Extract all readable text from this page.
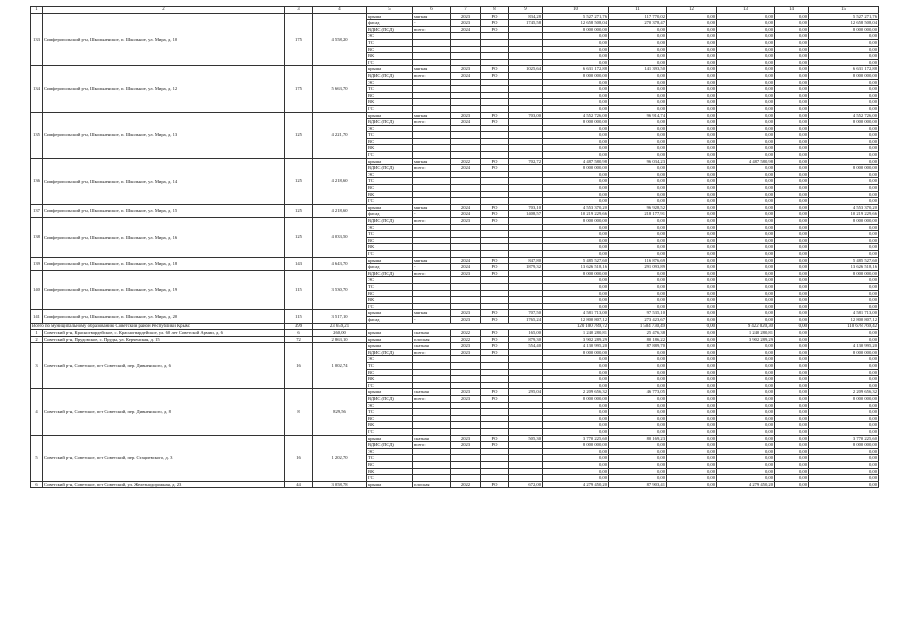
1	2	3	4	5	6	7	8	9	10	11	12	13	14	15
133	Симферопольский р-н, Школьненское, п. Школьное, ул. Мира, д. 10	175	4 558,20	крыша	мягкая	2023	РО	834,28	5 527 271,76	117 770,02	0,00	0,00	0,00	5 527 271,76
				фасад	-	2023	РО	1745,58	12 658 508,04	270 378,47	0,00	0,00	0,00	12 658 508,04
				ВДИС (ПСД)	всего:	2024	РО		8 000 000,00	0,00	0,00	0,00	0,00	8 000 000,00
				ЭС					0,00	0,00	0,00	0,00	0,00	0,00
				ТС					0,00	0,00	0,00	0,00	0,00	0,00
				ВС					0,00	0,00	0,00	0,00	0,00	0,00
				ВК					0,00	0,00	0,00	0,00	0,00	0,00
				ГС					0,00	0,00	0,00	0,00	0,00	0,00
134	Симферопольский р-н, Школьненское, п. Школьное, ул. Мира, д. 12	175	5 663,70	крыша	мягкая	2023	РО	1025,64	6 631 172,88	141 393,50	0,00	0,00	0,00	6 631 172,88
				ВДИС (ПСД)	всего:	2024	РО		8 000 000,00	0,00	0,00	0,00	0,00	8 000 000,00
				ЭС					0,00	0,00	0,00	0,00	0,00	0,00
				ТС					0,00	0,00	0,00	0,00	0,00	0,00
				ВС					0,00	0,00	0,00	0,00	0,00	0,00
				ВК					0,00	0,00	0,00	0,00	0,00	0,00
				ГС					0,00	0,00	0,00	0,00	0,00	0,00
135	Симферопольский р-н, Школьненское, п. Школьное, ул. Мира, д. 13	125	4 221,70	крыша	мягкая	2023	РО	703,00	4 552 726,00	96 914,74	0,00	0,00	0,00	4 552 726,00
				ВДИС (ПСД)	всего:	2024	РО		8 000 000,00	0,00	0,00	0,00	0,00	8 000 000,00
				ЭС					0,00	0,00	0,00	0,00	0,00	0,00
				ТС					0,00	0,00	0,00	0,00	0,00	0,00
				ВС					0,00	0,00	0,00	0,00	0,00	0,00
				ВК					0,00	0,00	0,00	0,00	0,00	0,00
				ГС					0,00	0,00	0,00	0,00	0,00	0,00
136	Симферопольский р-н, Школьненское, п. Школьное, ул. Мира, д. 14	125	4 218,60	крыша	мягкая	2022	РО	702,72	4 487 580,98	96 034,23	0,00	4 487 580,98	0,00	0,00
				ВДИС (ПСД)	всего:	2024	РО		8 000 000,00	0,00	0,00	0,00	0,00	8 000 000,00
				ЭС					0,00	0,00	0,00	0,00	0,00	0,00
				ТС					0,00	0,00	0,00	0,00	0,00	0,00
				ВС					0,00	0,00	0,00	0,00	0,00	0,00
				ВК					0,00	0,00	0,00	0,00	0,00	0,00
				ГС					0,00	0,00	0,00	0,00	0,00	0,00
137	Симферопольский р-н, Школьненское, п. Школьное, ул. Мира, д. 15	125	4 218,60	крыша	мягкая	2024	РО	703,10	4 553 370,20	96 928,52	0,00	0,00	0,00	4 553 370,20
				фасад	-	2024	РО	1408,57	10 219 229,66	218 177,91	0,00	0,00	0,00	10 219 229,66
138	Симферопольский р-н, Школьненское, п. Школьное, ул. Мира, д. 16	125	4 033,50	ВДИС (ПСД)	всего:	2023	РО		8 000 000,00	0,00	0,00	0,00	0,00	8 000 000,00
				ЭС					0,00	0,00	0,00	0,00	0,00	0,00
				ТС					0,00	0,00	0,00	0,00	0,00	0,00
				ВС					0,00	0,00	0,00	0,00	0,00	0,00
				ВК					0,00	0,00	0,00	0,00	0,00	0,00
				ГС					0,00	0,00	0,00	0,00	0,00	0,00
139	Симферопольский р-н, Школьненское, п. Школьное, ул. Мира, д. 18	143	4 643,70	крыша	мягкая	2024	РО	847,80	5 485 527,60	116 876,69	0,00	0,00	0,00	5 485 527,60
				фасад	-	2024	РО	1879,32	13 626 518,16	291 093,89	0,00	0,00	0,00	13 626 518,16
140	Симферопольский р-н, Школьненское, п. Школьное, ул. Мира, д. 19	115	3 530,70	ВДИС (ПСД)	всего:	2023	РО		8 000 000,00	0,00	0,00	0,00	0,00	8 000 000,00
				ЭС					0,00	0,00	0,00	0,00	0,00	0,00
				ТС					0,00	0,00	0,00	0,00	0,00	0,00
				ВС					0,00	0,00	0,00	0,00	0,00	0,00
				ВК					0,00	0,00	0,00	0,00	0,00	0,00
				ГС					0,00	0,00	0,00	0,00	0,00	0,00
141	Симферопольский р-н, Школьненское, п. Школьное, ул. Мира, д. 20	115	3 517,10	крыша	мягкая	2023	РО	707,50	4 581 713,00	97 535,10	0,00	0,00	0,00	4 581 713,00
				фасад	-	2023	РО	1765,24	12 800 807,12	273 423,67	0,00	0,00	0,00	12 800 807,12
Всего по муниципальному образованию Советский район Республики Крым:		399	23 659,21						120 100 789,72	1 504 730,49	0,00	9 422 020,30	0,00	110 678 769,42
1	Советский р-н, Красногвардейское, с. Красногвардейское, ул. 60 лет Советской Армии, д. 6	6	260,00	крыша	скатная	2022	РО	165,00	1 240 280,81	25 476,38	0,00	1 240 280,81	0,00	0,00
2	Советский р-н, Прудовское, с. Пруды, ул. Керченская, д. 15	72	2 863,10	крыша	плоская	2022	РО	879,30	3 902 289,29	80 186,22	0,00	3 902 289,29	0,00	0,00
3	Советский р-н, Советское, пгт Советский, пер. Дивненского, д. 6	16	1 002,74	крыша	скатная	2023	РО	554,40	4 130 995,20	87 889,70	0,00	0,00	0,00	4 130 995,20
				ВДИС (ПСД)	всего:	2023	РО		8 000 000,00	0,00	0,00	0,00	0,00	8 000 000,00
				ЭС					0,00	0,00	0,00	0,00	0,00	0,00
				ТС					0,00	0,00	0,00	0,00	0,00	0,00
				ВС					0,00	0,00	0,00	0,00	0,00	0,00
				ВК					0,00	0,00	0,00	0,00	0,00	0,00
				ГС					0,00	0,00	0,00	0,00	0,00	0,00
4	Советский р-н, Советское, пгт Советский, пер. Дивненского, д. 8	8	829,56	крыша	скатная	2023	РО	295,04	2 209 656,32	46 773,05	0,00	0,00	0,00	2 209 656,32
				ВДИС (ПСД)	всего:	2023	РО		8 000 000,00	0,00	0,00	0,00	0,00	8 000 000,00
				ЭС					0,00	0,00	0,00	0,00	0,00	0,00
				ТС					0,00	0,00	0,00	0,00	0,00	0,00
				ВС					0,00	0,00	0,00	0,00	0,00	0,00
				ВК					0,00	0,00	0,00	0,00	0,00	0,00
				ГС					0,00	0,00	0,00	0,00	0,00	0,00
5	Советский р-н, Советское, пгт Советский, пер. Стациевского, д. 3	16	1 202,70	крыша	скатная	2023	РО	505,30	3 770 225,60	80 169,23	0,00	0,00	0,00	3 770 225,60
				ВДИС (ПСД)	всего:	2023	РО		8 000 000,00	0,00	0,00	0,00	0,00	8 000 000,00
				ЭС					0,00	0,00	0,00	0,00	0,00	0,00
				ТС					0,00	0,00	0,00	0,00	0,00	0,00
				ВС					0,00	0,00	0,00	0,00	0,00	0,00
				ВК					0,00	0,00	0,00	0,00	0,00	0,00
				ГС					0,00	0,00	0,00	0,00	0,00	0,00
6	Советский р-н, Советское, пгт Советский, ул. Железнодорожная, д. 23	44	3 058,78	крыша	плоская	2022	РО	672,00	4 279 450,20	87 903,41	0,00	4 279 450,20	0,00	0,00
